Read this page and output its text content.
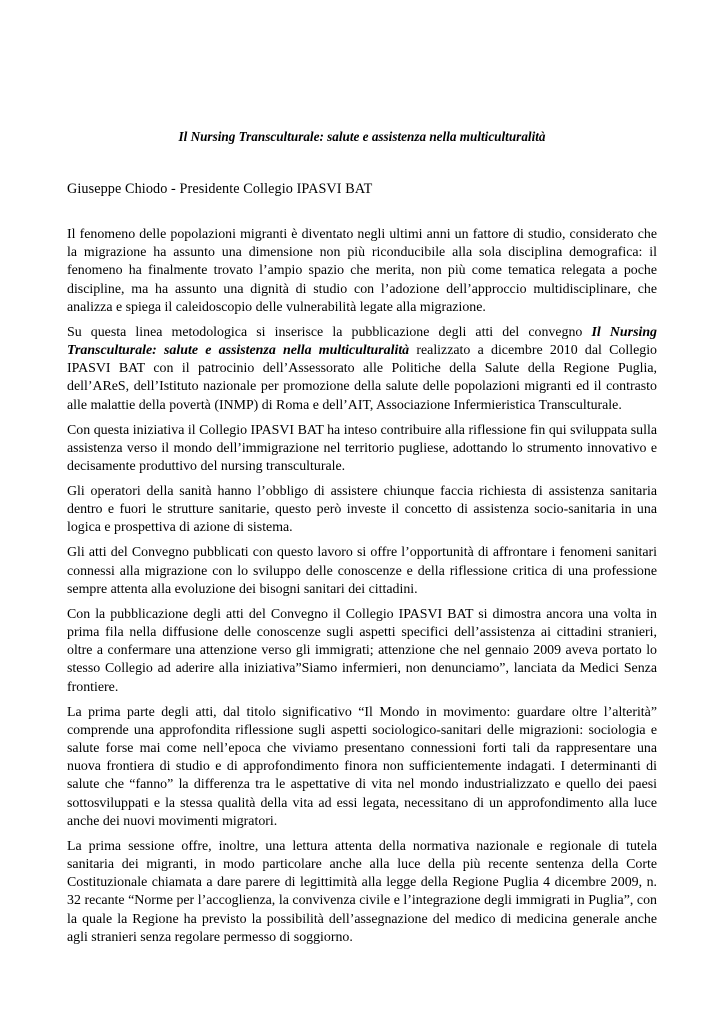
Il Nursing Transculturale: salute e assistenza nella multiculturalità
Giuseppe Chiodo - Presidente Collegio IPASVI BAT

Il fenomeno delle popolazioni migranti è diventato negli ultimi anni un fattore di studio, considerato che la migrazione ha assunto una dimensione non più riconducibile alla sola disciplina demografica: il fenomeno ha finalmente trovato l’ampio spazio che merita, non più come tematica relegata a poche discipline, ma ha assunto una dignità di studio con l’adozione dell’approccio multidisciplinare, che analizza e spiega il caleidoscopio delle vulnerabilità legate alla migrazione.

Su questa linea metodologica si inserisce la pubblicazione degli atti del convegno Il Nursing Transculturale: salute e assistenza nella multiculturalità realizzato a dicembre 2010 dal Collegio IPASVI BAT con il patrocinio dell’Assessorato alle Politiche della Salute della Regione Puglia, dell’AReS, dell’Istituto nazionale per promozione della salute delle popolazioni migranti ed il contrasto alle malattie della povertà (INMP) di Roma e dell’AIT, Associazione Infermieristica Transculturale.

Con questa iniziativa il Collegio IPASVI BAT ha inteso contribuire alla riflessione fin qui sviluppata sulla assistenza verso il mondo dell’immigrazione nel territorio pugliese, adottando lo strumento innovativo e decisamente produttivo del nursing transculturale.

Gli operatori della sanità hanno l’obbligo di assistere chiunque faccia richiesta di assistenza sanitaria dentro e fuori le strutture sanitarie, questo però investe il concetto di assistenza socio-sanitaria in una logica e prospettiva di azione di sistema.

Gli atti del Convegno pubblicati con questo lavoro si offre l’opportunità di affrontare i fenomeni sanitari connessi alla migrazione con lo sviluppo delle conoscenze e della riflessione critica di una professione sempre attenta alla evoluzione dei bisogni sanitari dei cittadini.

Con la pubblicazione degli atti del Convegno il Collegio IPASVI BAT si dimostra ancora una volta in prima fila nella diffusione delle conoscenze sugli aspetti specifici dell’assistenza ai cittadini stranieri, oltre a confermare una attenzione verso gli immigrati; attenzione che nel gennaio 2009 aveva portato lo stesso Collegio ad aderire alla iniziativa”Siamo infermieri, non denunciamo”, lanciata da Medici Senza frontiere.

La prima parte degli atti, dal titolo significativo “Il Mondo in movimento: guardare oltre l’alterità” comprende una approfondita riflessione sugli aspetti sociologico-sanitari delle migrazioni: sociologia e salute forse mai come nell’epoca che viviamo presentano connessioni forti tali da rappresentare una nuova frontiera di studio e di approfondimento finora non sufficientemente indagati. I determinanti di salute che “fanno” la differenza tra le aspettative di vita nel mondo industrializzato e quello dei paesi sottosviluppati e la stessa qualità della vita ad essi legata, necessitano di un approfondimento alla luce anche dei nuovi movimenti migratori.

La prima sessione offre, inoltre, una lettura attenta della normativa nazionale e regionale di tutela sanitaria dei migranti, in modo particolare anche alla luce della più recente sentenza della Corte Costituzionale chiamata a dare parere di legittimità alla legge della Regione Puglia 4 dicembre 2009, n. 32 recante “Norme per l’accoglienza, la convivenza civile e l’integrazione degli immigrati in Puglia”, con la quale la Regione ha previsto la possibilità dell’assegnazione del medico di medicina generale anche agli stranieri senza regolare permesso di soggiorno.
